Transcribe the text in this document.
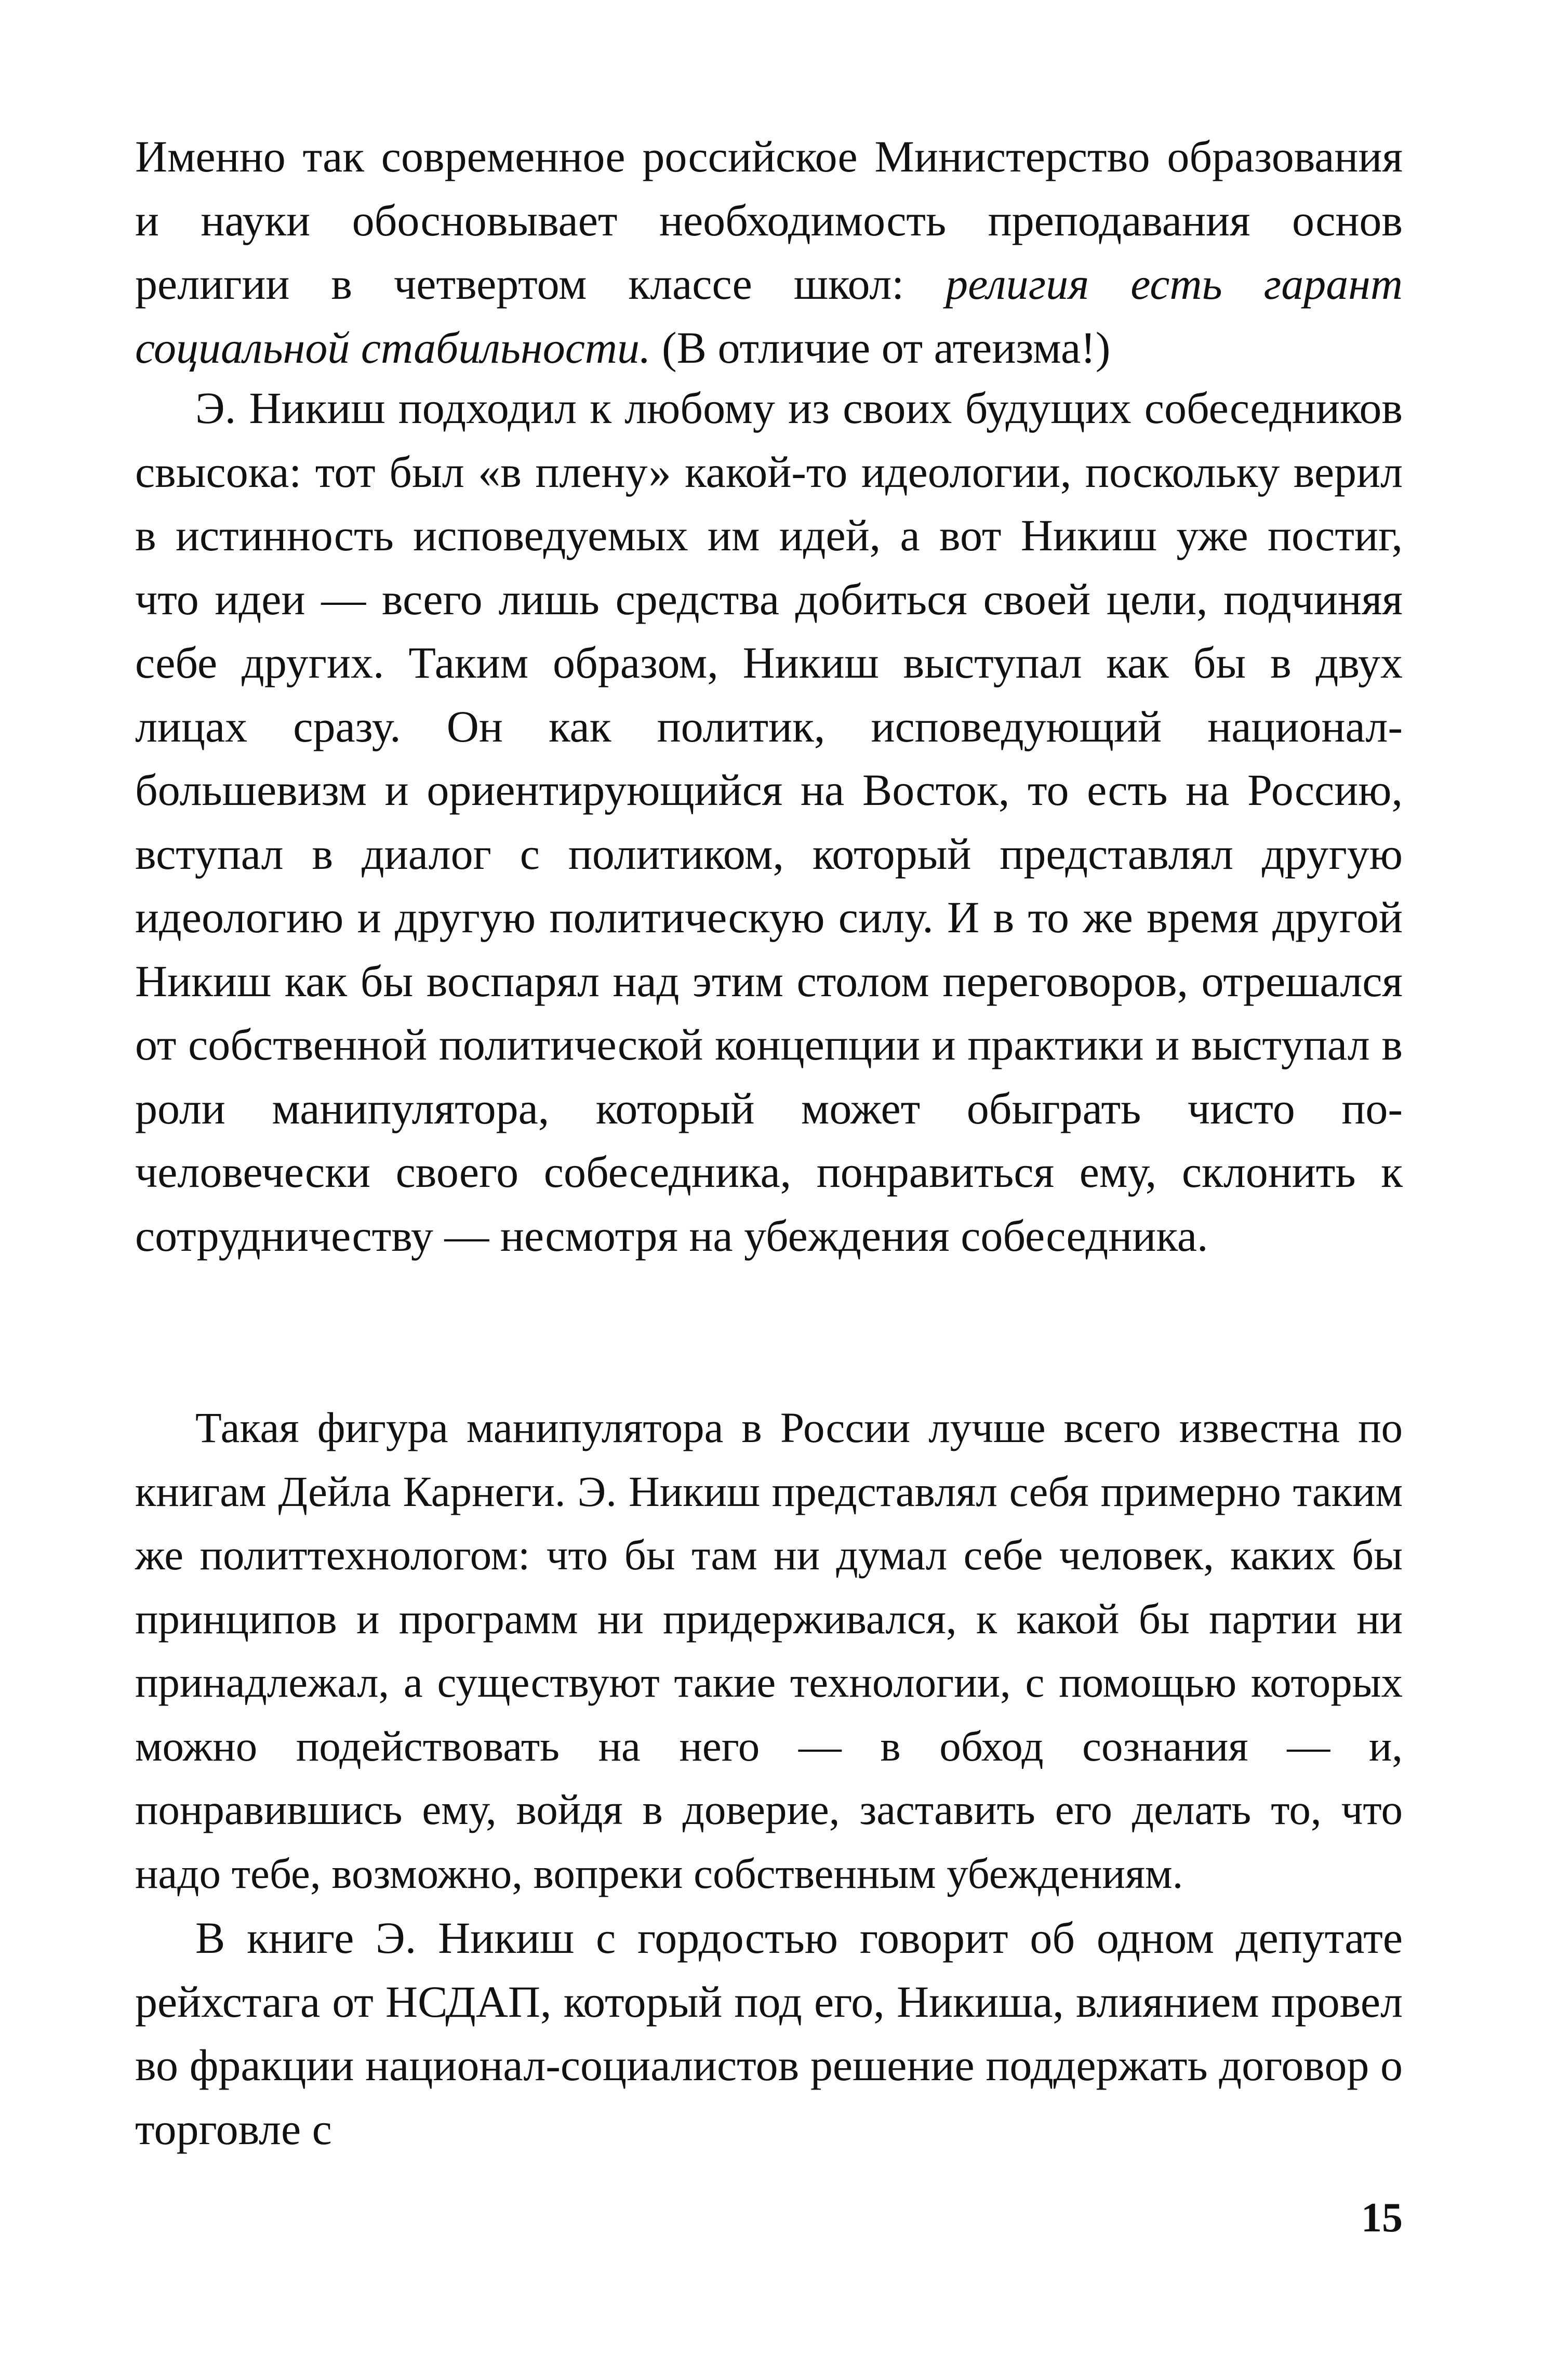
Именно так современное российское Министерство образования и науки обосновывает необходимость преподавания основ религии в четвертом классе школ: религия есть гарант социальной стабильности. (В отличие от атеизма!)

Э. Никиш подходил к любому из своих будущих собеседников свысока: тот был «в плену» какой-то идеологии, поскольку верил в истинность исповедуемых им идей, а вот Никиш уже постиг, что идеи — всего лишь средства добиться своей цели, подчиняя себе других. Таким образом, Никиш выступал как бы в двух лицах сразу. Он как политик, исповедующий национал-большевизм и ориентирующийся на Восток, то есть на Россию, вступал в диалог с политиком, который представлял другую идеологию и другую политическую силу. И в то же время другой Никиш как бы воспарял над этим столом переговоров, отрешался от собственной политической концепции и практики и выступал в роли манипулятора, который может обыграть чисто по-человечески своего собеседника, понравиться ему, склонить к сотрудничеству — несмотря на убеждения собеседника.

Такая фигура манипулятора в России лучше всего известна по книгам Дейла Карнеги. Э. Никиш представлял себя примерно таким же политтехнологом: что бы там ни думал себе человек, каких бы принципов и программ ни придерживался, к какой бы партии ни принадлежал, а существуют такие технологии, с помощью которых можно подействовать на него — в обход сознания — и, понравившись ему, войдя в доверие, заставить его делать то, что надо тебе, возможно, вопреки собственным убеждениям.

В книге Э. Никиш с гордостью говорит об одном депутате рейхстага от НСДАП, который под его, Никиша, влиянием провел во фракции национал-социалистов решение поддержать договор о торговле с

15
